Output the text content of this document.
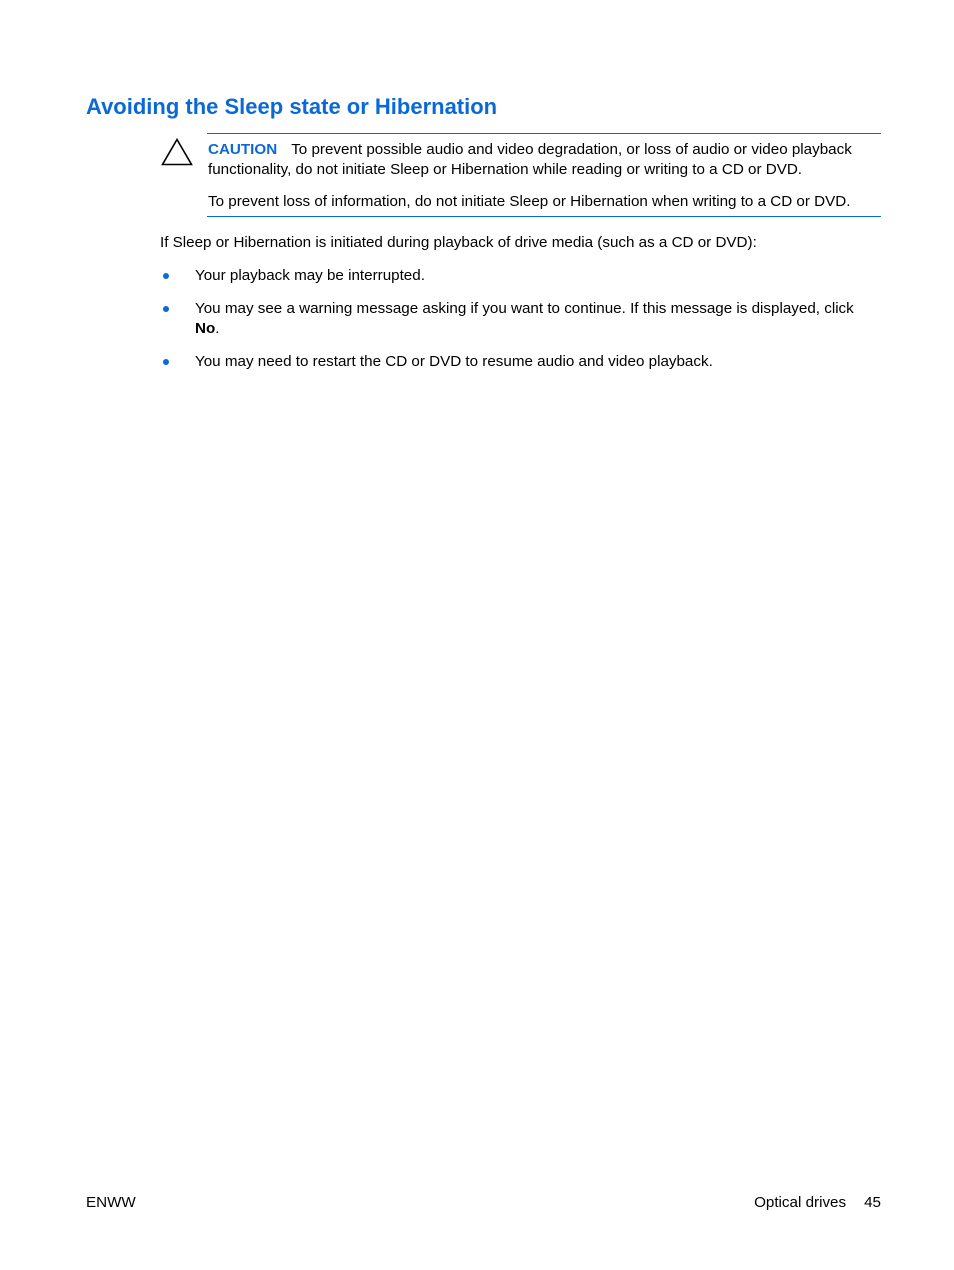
Avoiding the Sleep state or Hibernation

CAUTION To prevent possible audio and video degradation, or loss of audio or video playback functionality, do not initiate Sleep or Hibernation while reading or writing to a CD or DVD.

To prevent loss of information, do not initiate Sleep or Hibernation when writing to a CD or DVD.

If Sleep or Hibernation is initiated during playback of drive media (such as a CD or DVD):

Your playback may be interrupted.
You may see a warning message asking if you want to continue. If this message is displayed, click No.
You may need to restart the CD or DVD to resume audio and video playback.
ENWW	Optical drives 45
